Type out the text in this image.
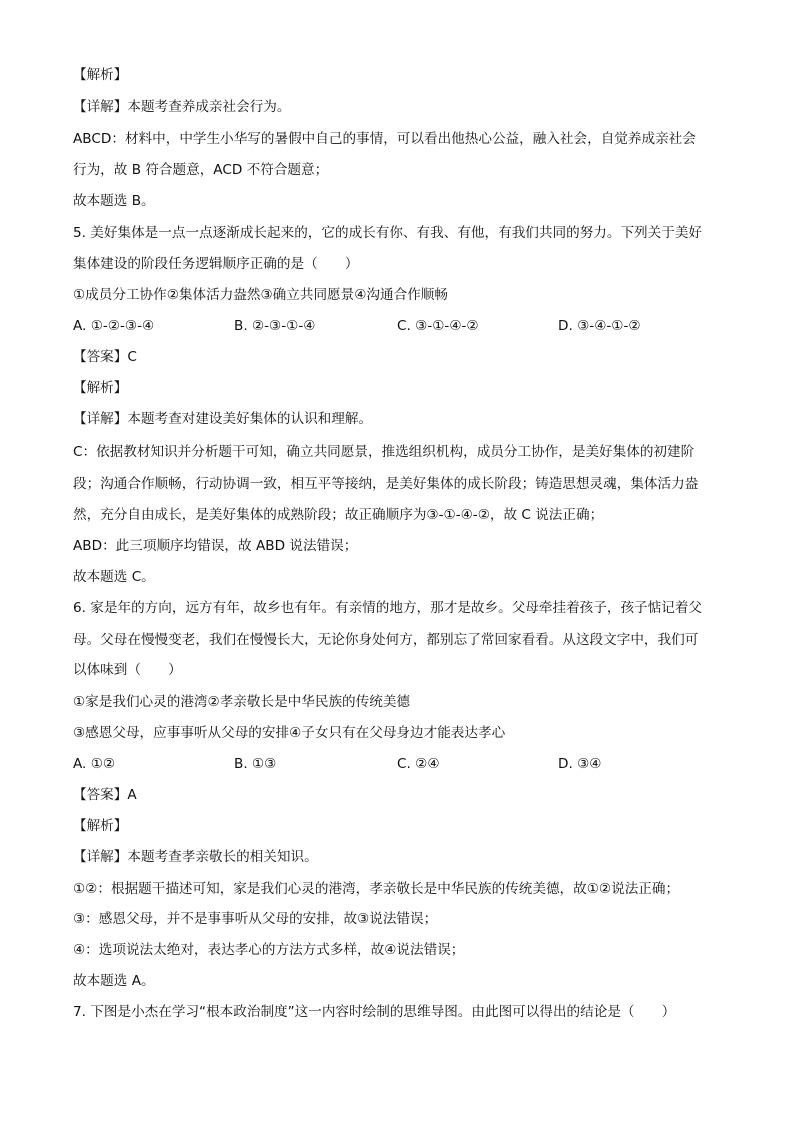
【解析】
【详解】本题考查养成亲社会行为。
ABCD：材料中，中学生小华写的暑假中自己的事情，可以看出他热心公益，融入社会，自觉养成亲社会
行为，故 B 符合题意，ACD 不符合题意；
故本题选 B。
5. 美好集体是一点一点逐渐成长起来的，它的成长有你、有我、有他，有我们共同的努力。下列关于美好
集体建设的阶段任务逻辑顺序正确的是（　　）
①成员分工协作②集体活力盎然③确立共同愿景④沟通合作顺畅
A. ①-②-③-④	B. ②-③-①-④	C. ③-①-④-②	D. ③-④-①-②
【答案】C
【解析】
【详解】本题考查对建设美好集体的认识和理解。
C：依据教材知识并分析题干可知，确立共同愿景，推选组织机构，成员分工协作，是美好集体的初建阶
段；沟通合作顺畅，行动协调一致，相互平等接纳，是美好集体的成长阶段；铸造思想灵魂，集体活力盎
然，充分自由成长，是美好集体的成熟阶段；故正确顺序为③-①-④-②，故 C 说法正确；
ABD：此三项顺序均错误，故 ABD 说法错误；
故本题选 C。
6. 家是年的方向，远方有年，故乡也有年。有亲情的地方，那才是故乡。父母牵挂着孩子，孩子惦记着父
母。父母在慢慢变老，我们在慢慢长大，无论你身处何方，都别忘了常回家看看。从这段文字中，我们可
以体味到（　　）
①家是我们心灵的港湾②孝亲敬长是中华民族的传统美德
③感恩父母，应事事听从父母的安排④子女只有在父母身边才能表达孝心
A. ①②	B. ①③	C. ②④	D. ③④
【答案】A
【解析】
【详解】本题考查孝亲敬长的相关知识。
①②：根据题干描述可知，家是我们心灵的港湾，孝亲敬长是中华民族的传统美德，故①②说法正确；
③：感恩父母，并不是事事听从父母的安排，故③说法错误；
④：选项说法太绝对，表达孝心的方法方式多样，故④说法错误；
故本题选 A。
7. 下图是小杰在学习“根本政治制度”这一内容时绘制的思维导图。由此图可以得出的结论是（　　）
